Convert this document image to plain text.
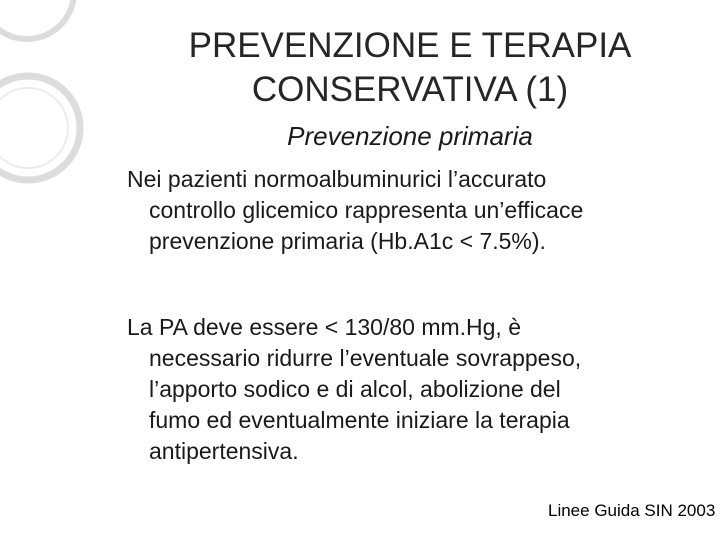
PREVENZIONE E TERAPIA
CONSERVATIVA (1)
Prevenzione primaria
Nei pazienti normoalbuminurici l’accurato
controllo glicemico rappresenta un’efficace
prevenzione primaria (Hb.A1c < 7.5%).
La PA deve essere < 130/80 mm.Hg, è
necessario ridurre l’eventuale sovrappeso,
l’apporto sodico e di alcol, abolizione del
fumo ed eventualmente iniziare la terapia
antipertensiva.
Linee Guida SIN 2003
